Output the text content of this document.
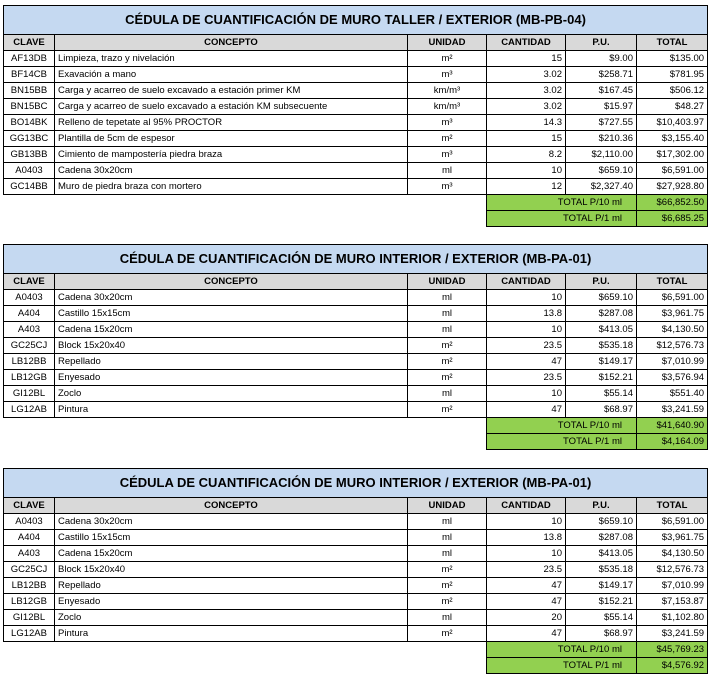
CÉDULA DE CUANTIFICACIÓN DE MURO TALLER / EXTERIOR (MB-PB-04)					
CLAVE	CONCEPTO	UNIDAD	CANTIDAD	P.U.	TOTAL
AF13DB	Limpieza, trazo y nivelación	m²	15	$9.00	$135.00
BF14CB	Exavación a mano	m³	3.02	$258.71	$781.95
BN15BB	Carga y acarreo de suelo excavado a estación primer KM	km/m³	3.02	$167.45	$506.12
BN15BC	Carga y acarreo de suelo excavado a estación KM subsecuente	km/m³	3.02	$15.97	$48.27
BO14BK	Relleno de tepetate al 95% PROCTOR	m³	14.3	$727.55	$10,403.97
GG13BC	Plantilla de 5cm de espesor	m²	15	$210.36	$3,155.40
GB13BB	Cimiento de mampostería piedra braza	m³	8.2	$2,110.00	$17,302.00
A0403	Cadena 30x20cm	ml	10	$659.10	$6,591.00
GC14BB	Muro de piedra braza con mortero	m³	12	$2,327.40	$27,928.80
			TOTAL P/10 ml		$66,852.50
			TOTAL P/1 ml		$6,685.25
CÉDULA DE CUANTIFICACIÓN DE MURO INTERIOR / EXTERIOR (MB-PA-01)					
CLAVE	CONCEPTO	UNIDAD	CANTIDAD	P.U.	TOTAL
A0403	Cadena 30x20cm	ml	10	$659.10	$6,591.00
A404	Castillo 15x15cm	ml	13.8	$287.08	$3,961.75
A403	Cadena 15x20cm	ml	10	$413.05	$4,130.50
GC25CJ	Block 15x20x40	m²	23.5	$535.18	$12,576.73
LB12BB	Repellado	m²	47	$149.17	$7,010.99
LB12GB	Enyesado	m²	23.5	$152.21	$3,576.94
GI12BL	Zoclo	ml	10	$55.14	$551.40
LG12AB	Pintura	m²	47	$68.97	$3,241.59
			TOTAL P/10 ml		$41,640.90
			TOTAL P/1 ml		$4,164.09
CÉDULA DE CUANTIFICACIÓN DE MURO INTERIOR / EXTERIOR (MB-PA-01)					
CLAVE	CONCEPTO	UNIDAD	CANTIDAD	P.U.	TOTAL
A0403	Cadena 30x20cm	ml	10	$659.10	$6,591.00
A404	Castillo 15x15cm	ml	13.8	$287.08	$3,961.75
A403	Cadena 15x20cm	ml	10	$413.05	$4,130.50
GC25CJ	Block 15x20x40	m²	23.5	$535.18	$12,576.73
LB12BB	Repellado	m²	47	$149.17	$7,010.99
LB12GB	Enyesado	m²	47	$152.21	$7,153.87
GI12BL	Zoclo	ml	20	$55.14	$1,102.80
LG12AB	Pintura	m²	47	$68.97	$3,241.59
			TOTAL P/10 ml		$45,769.23
			TOTAL P/1 ml		$4,576.92
